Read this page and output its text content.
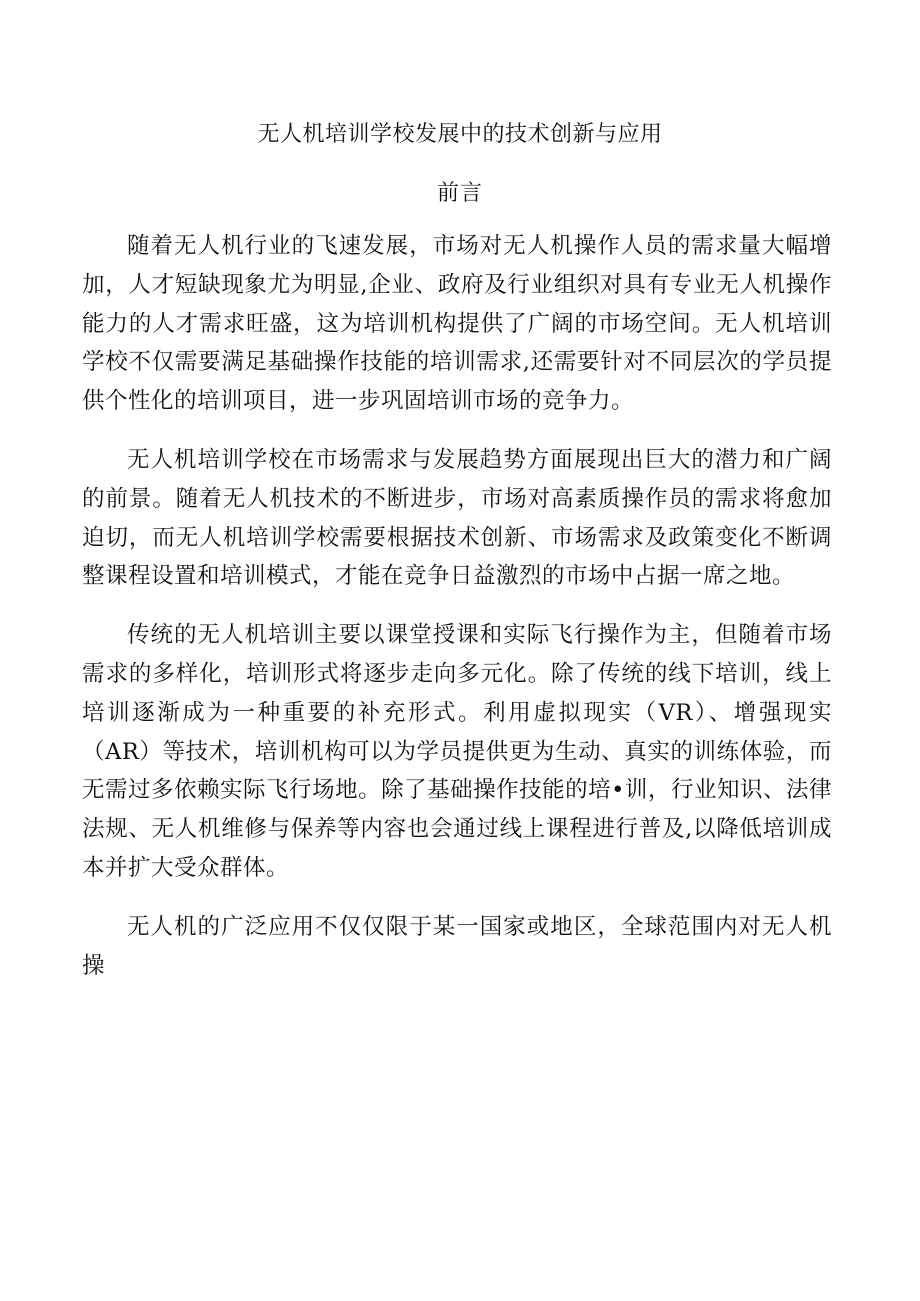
无人机培训学校发展中的技术创新与应用
前言

随着无人机行业的飞速发展，市场对无人机操作人员的需求量大幅增加，人才短缺现象尤为明显,企业、政府及行业组织对具有专业无人机操作能力的人才需求旺盛，这为培训机构提供了广阔的市场空间。无人机培训学校不仅需要满足基础操作技能的培训需求,还需要针对不同层次的学员提供个性化的培训项目，进一步巩固培训市场的竞争力。

无人机培训学校在市场需求与发展趋势方面展现出巨大的潜力和广阔的前景。随着无人机技术的不断进步，市场对高素质操作员的需求将愈加迫切，而无人机培训学校需要根据技术创新、市场需求及政策变化不断调整课程设置和培训模式，才能在竞争日益激烈的市场中占据一席之地。

传统的无人机培训主要以课堂授课和实际飞行操作为主，但随着市场需求的多样化，培训形式将逐步走向多元化。除了传统的线下培训，线上培训逐渐成为一种重要的补充形式。利用虚拟现实（VR）、增强现实（AR）等技术，培训机构可以为学员提供更为生动、真实的训练体验，而无需过多依赖实际飞行场地。除了基础操作技能的培•训，行业知识、法律法规、无人机维修与保养等内容也会通过线上课程进行普及,以降低培训成本并扩大受众群体。

无人机的广泛应用不仅仅限于某一国家或地区，全球范围内对无人机操
